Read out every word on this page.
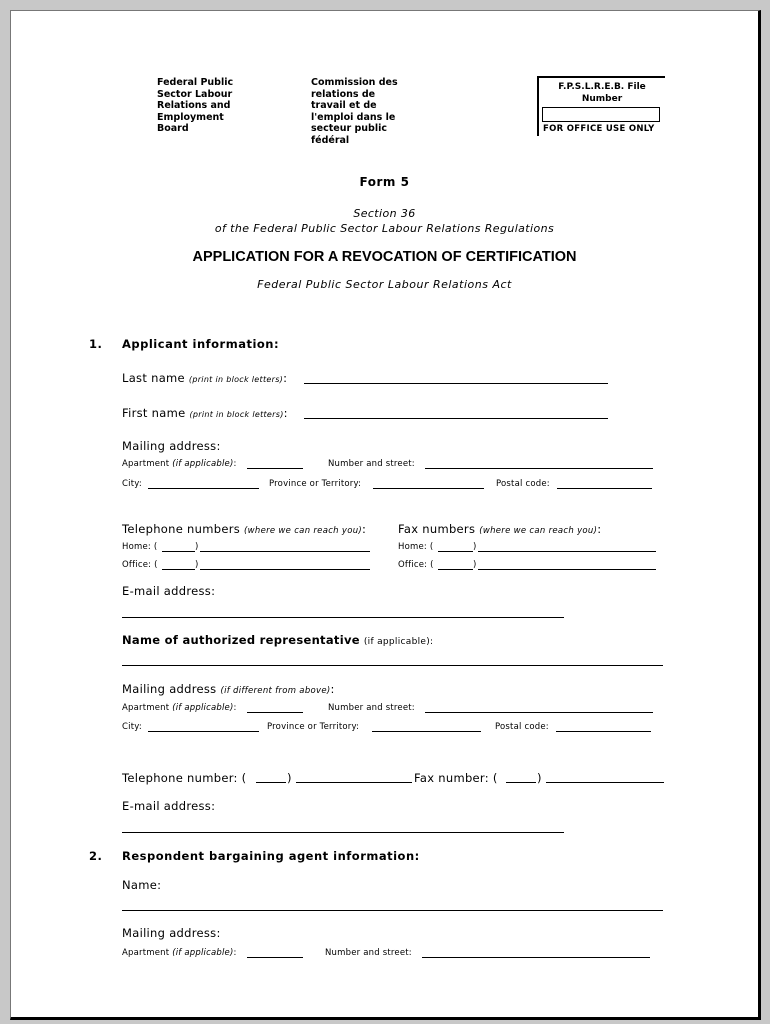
Federal Public Sector Labour Relations and Employment Board
Commission des relations de travail et de l'emploi dans le secteur public fédéral
F.P.S.L.R.E.B. File Number
FOR OFFICE USE ONLY
Form 5
Section 36
of the Federal Public Sector Labour Relations Regulations
APPLICATION FOR A REVOCATION OF CERTIFICATION
Federal Public Sector Labour Relations Act
1. Applicant information:
Last name (print in block letters):
First name (print in block letters):
Mailing address:
Apartment (if applicable):	Number and street:
City:	Province or Territory:	Postal code:
Telephone numbers (where we can reach you):	Fax numbers (where we can reach you):
Home: (	)
Office: (	)
Home: (	)
Office: (	)
E-mail address:
Name of authorized representative (if applicable):
Mailing address (if different from above):
Apartment (if applicable):	Number and street:
City:	Province or Territory:	Postal code:
Telephone number: (	)	Fax number: (	)
E-mail address:
2. Respondent bargaining agent information:
Name:
Mailing address:
Apartment (if applicable):	Number and street:
